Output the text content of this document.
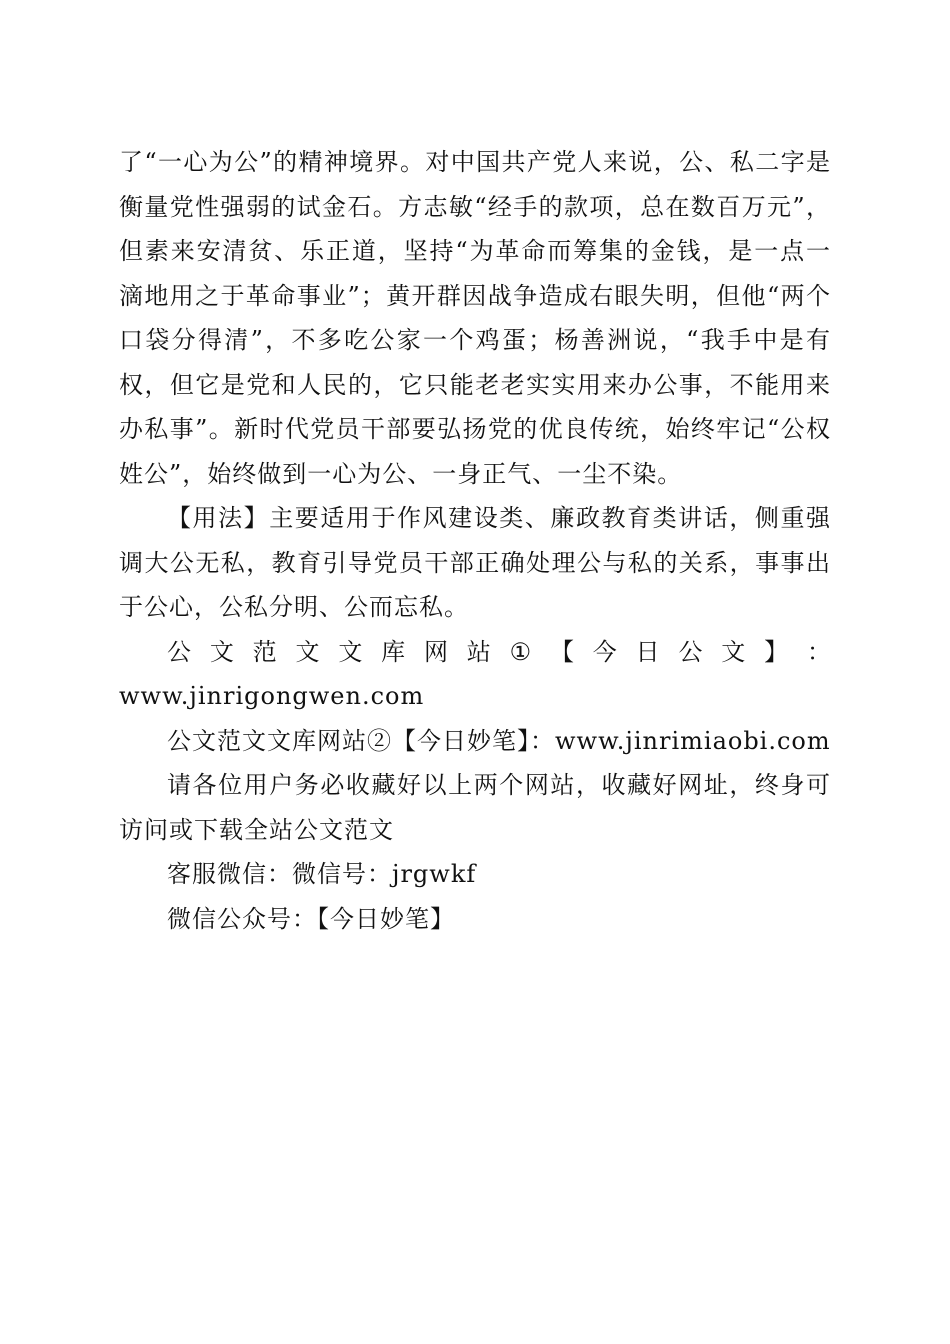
了“一心为公”的精神境界。对中国共产党人来说，公、私二字是衡量党性强弱的试金石。方志敏“经手的款项，总在数百万元”，但素来安清贫、乐正道，坚持“为革命而筹集的金钱，是一点一滴地用之于革命事业”；黄开群因战争造成右眼失明，但他“两个口袋分得清”，不多吃公家一个鸡蛋；杨善洲说，“我手中是有权，但它是党和人民的，它只能老老实实用来办公事，不能用来办私事”。新时代党员干部要弘扬党的优良传统，始终牢记“公权姓公”，始终做到一心为公、一身正气、一尘不染。

【用法】主要适用于作风建设类、廉政教育类讲话，侧重强调大公无私，教育引导党员干部正确处理公与私的关系，事事出于公心，公私分明、公而忘私。

公 文 范 文 文 库 网 站 ① 【 今 日 公 文 】 ：

www.jinrigongwen.com

公文范文文库网站②【今日妙笔】：www.jinrimiaobi.com

请各位用户务必收藏好以上两个网站，收藏好网址，终身可访问或下载全站公文范文

客服微信：微信号：jrgwkf

微信公众号：【今日妙笔】
